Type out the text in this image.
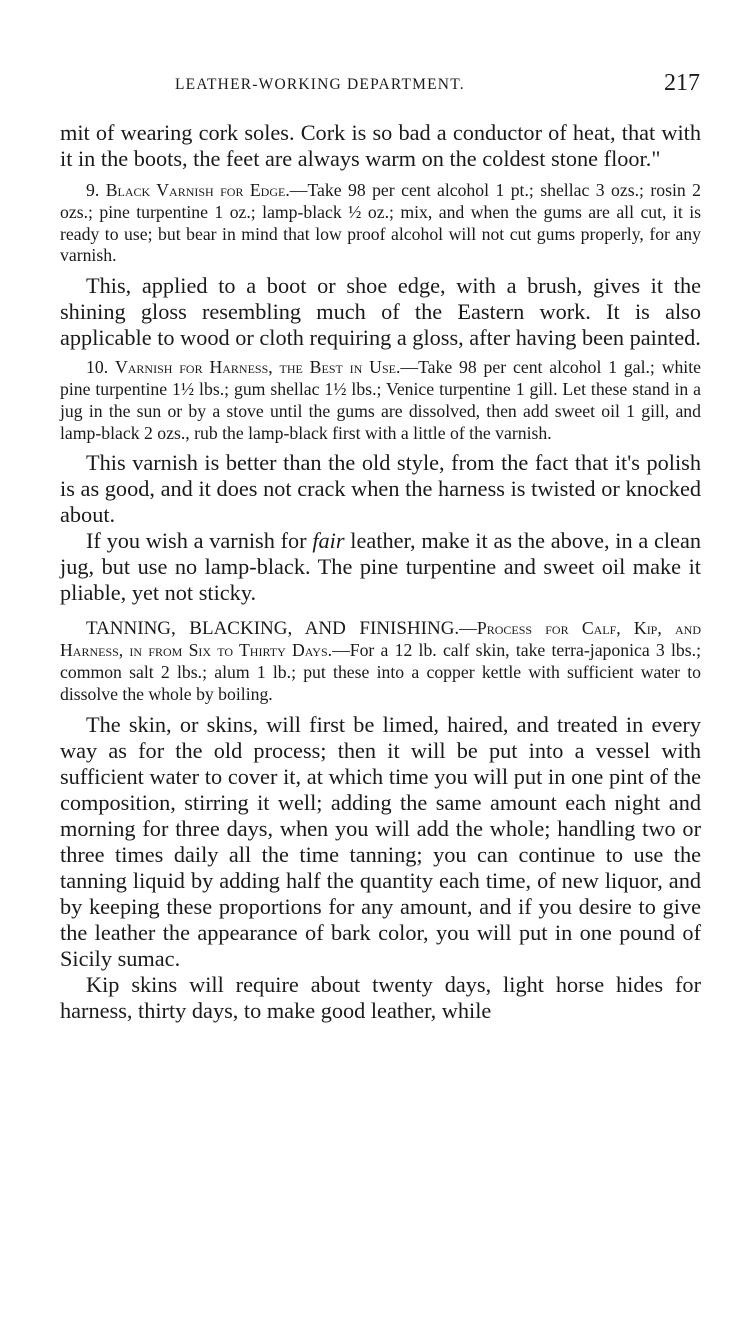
LEATHER-WORKING DEPARTMENT.	217

mit of wearing cork soles. Cork is so bad a conductor of heat, that with it in the boots, the feet are always warm on the coldest stone floor."

9. Black Varnish for Edge.—Take 98 per cent alcohol 1 pt.; shellac 3 ozs.; rosin 2 ozs.; pine turpentine 1 oz.; lamp-black ½ oz.; mix, and when the gums are all cut, it is ready to use; but bear in mind that low proof alcohol will not cut gums properly, for any varnish.

This, applied to a boot or shoe edge, with a brush, gives it the shining gloss resembling much of the Eastern work. It is also applicable to wood or cloth requiring a gloss, after having been painted.

10. Varnish for Harness, the Best in Use.—Take 98 per cent alcohol 1 gal.; white pine turpentine 1½ lbs.; gum shellac 1½ lbs.; Venice turpentine 1 gill. Let these stand in a jug in the sun or by a stove until the gums are dissolved, then add sweet oil 1 gill, and lamp-black 2 ozs., rub the lamp-black first with a little of the varnish.

This varnish is better than the old style, from the fact that it's polish is as good, and it does not crack when the harness is twisted or knocked about.

If you wish a varnish for fair leather, make it as the above, in a clean jug, but use no lamp-black. The pine turpentine and sweet oil make it pliable, yet not sticky.

TANNING, BLACKING, AND FINISHING.—Process for Calf, Kip, and Harness, in from Six to Thirty Days.—For a 12 lb. calf skin, take terra-japonica 3 lbs.; common salt 2 lbs.; alum 1 lb.; put these into a copper kettle with sufficient water to dissolve the whole by boiling.

The skin, or skins, will first be limed, haired, and treated in every way as for the old process; then it will be put into a vessel with sufficient water to cover it, at which time you will put in one pint of the composition, stirring it well; adding the same amount each night and morning for three days, when you will add the whole; handling two or three times daily all the time tanning; you can continue to use the tanning liquid by adding half the quantity each time, of new liquor, and by keeping these proportions for any amount, and if you desire to give the leather the appearance of bark color, you will put in one pound of Sicily sumac.

Kip skins will require about twenty days, light horse hides for harness, thirty days, to make good leather, while
